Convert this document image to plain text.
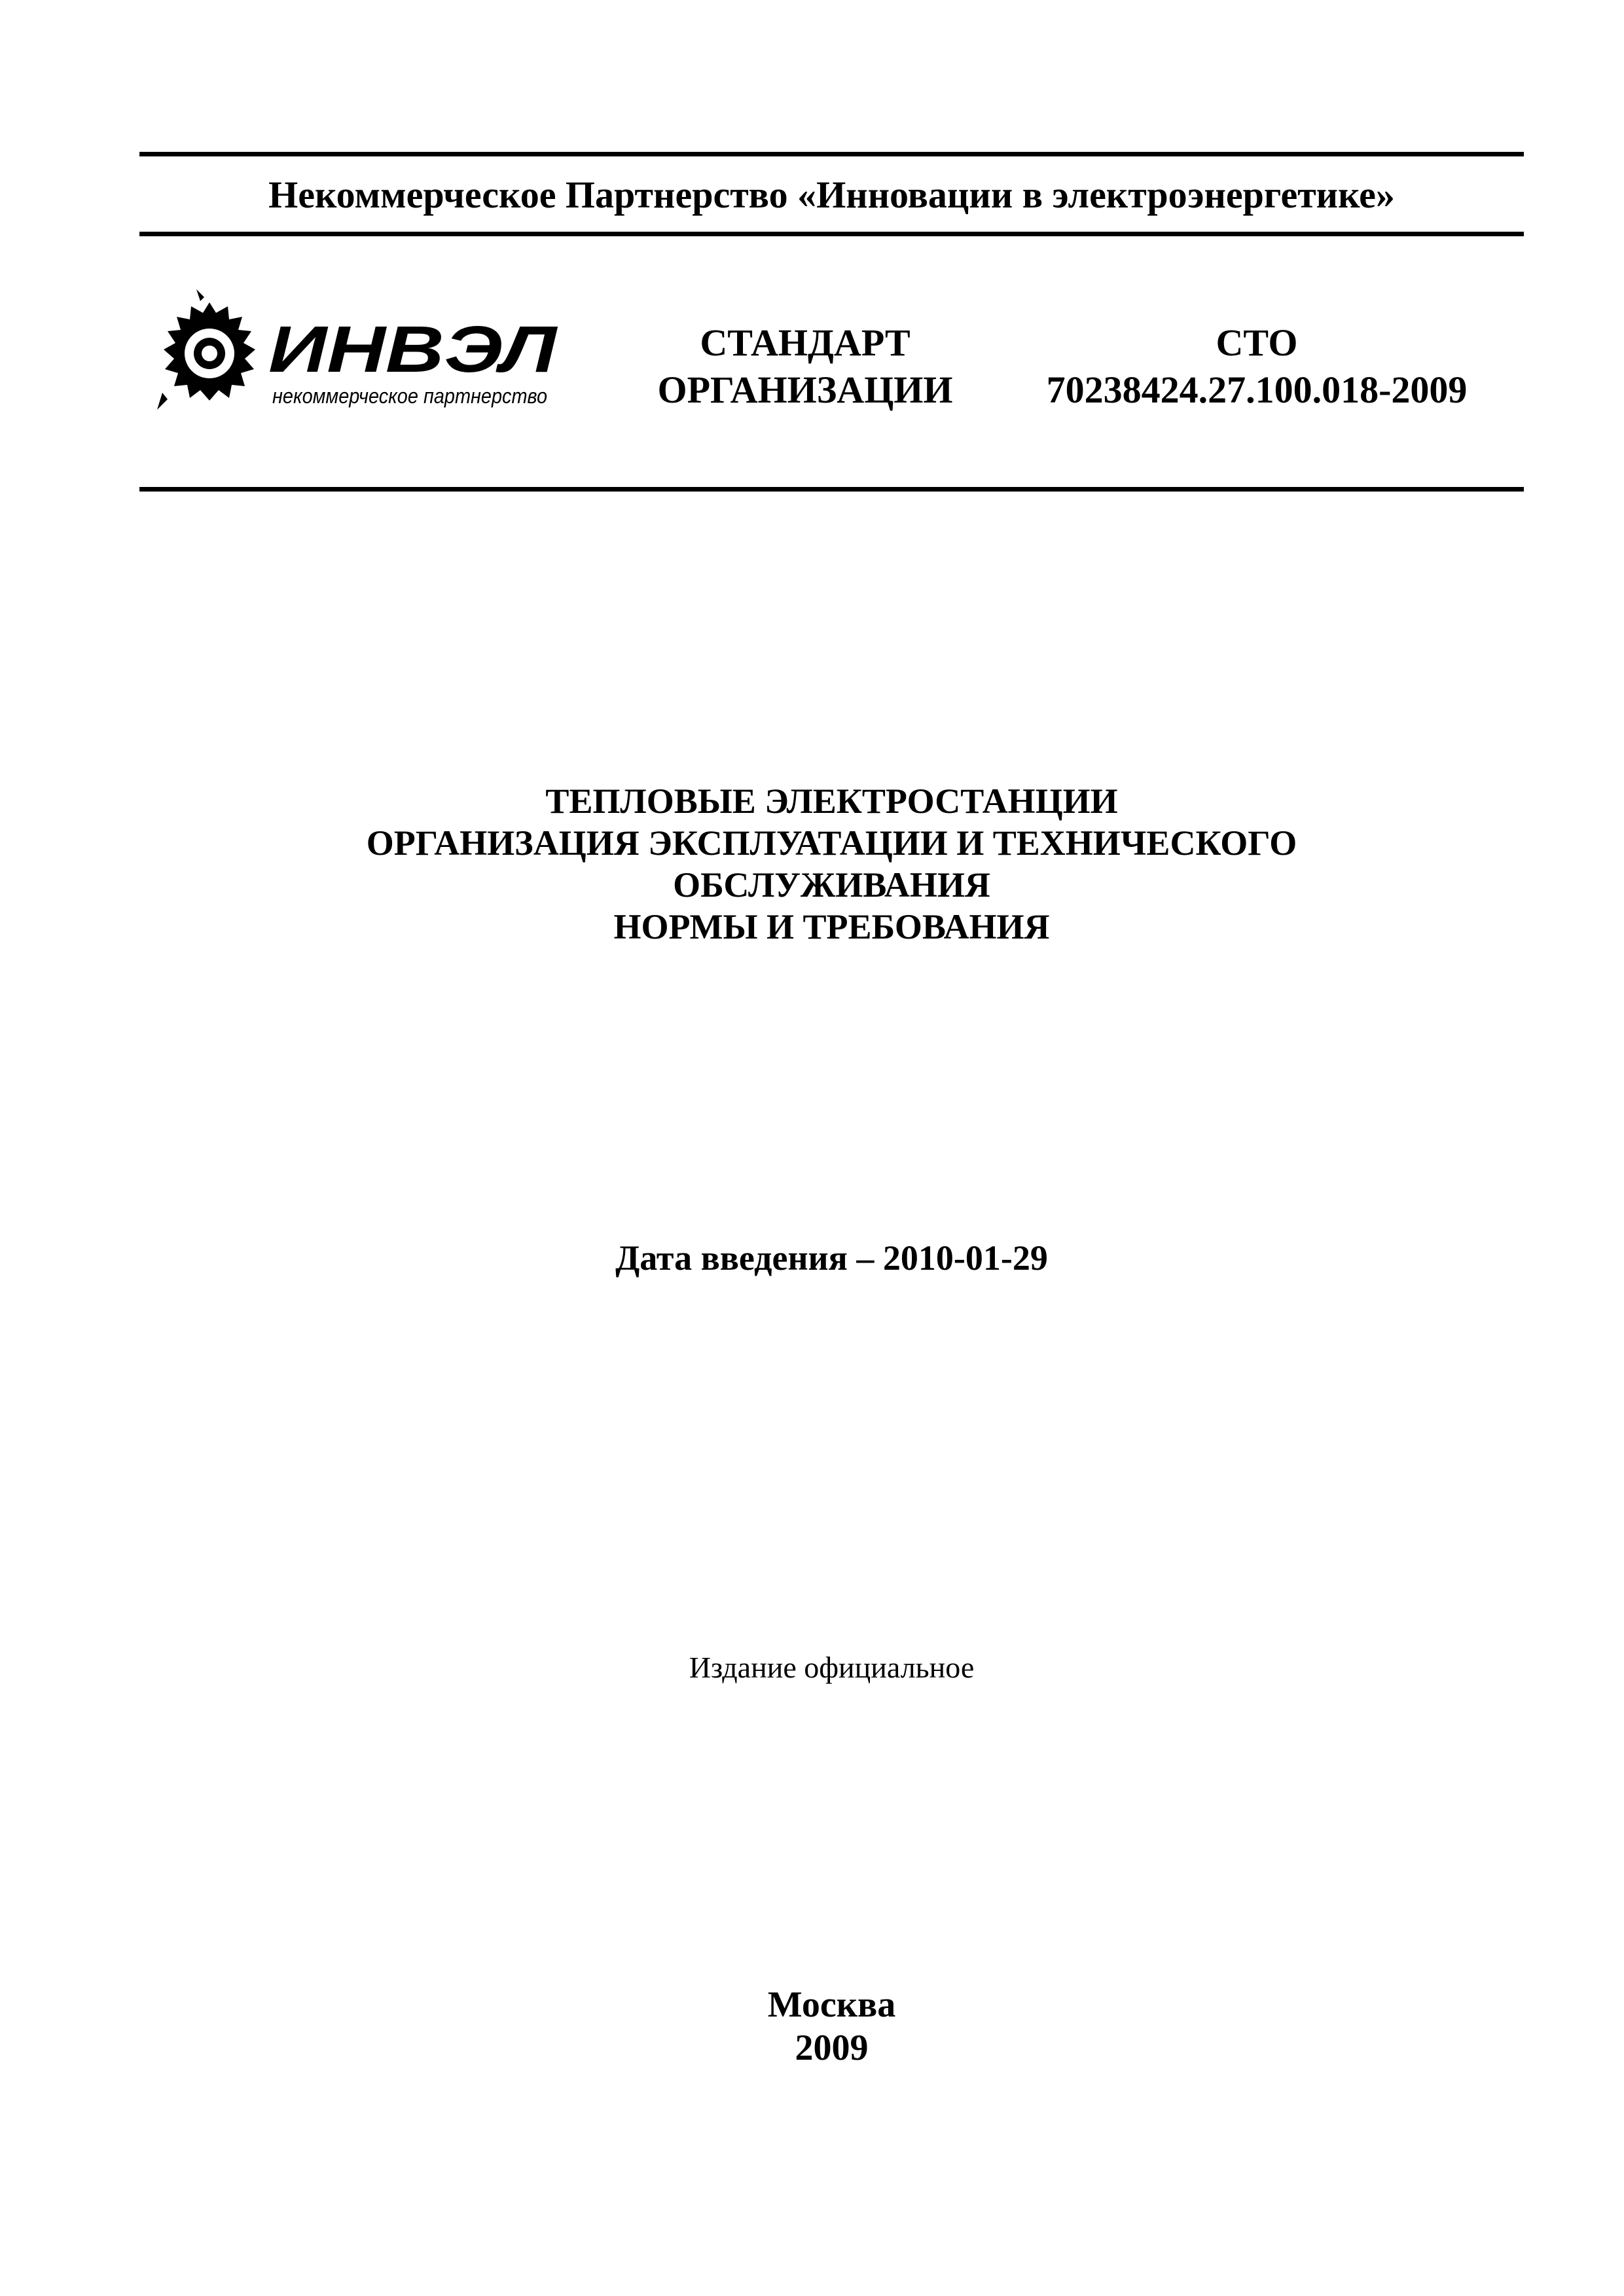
Некоммерческое Партнерство «Инновации в электроэнергетике»
ИНВЭЛ
некоммерческое партнерство
СТАНДАРТ
ОРГАНИЗАЦИИ
СТО
70238424.27.100.018-2009
ТЕПЛОВЫЕ ЭЛЕКТРОСТАНЦИИ
ОРГАНИЗАЦИЯ ЭКСПЛУАТАЦИИ И ТЕХНИЧЕСКОГО
ОБСЛУЖИВАНИЯ
НОРМЫ И ТРЕБОВАНИЯ
Дата введения – 2010-01-29
Издание официальное
Москва
2009
